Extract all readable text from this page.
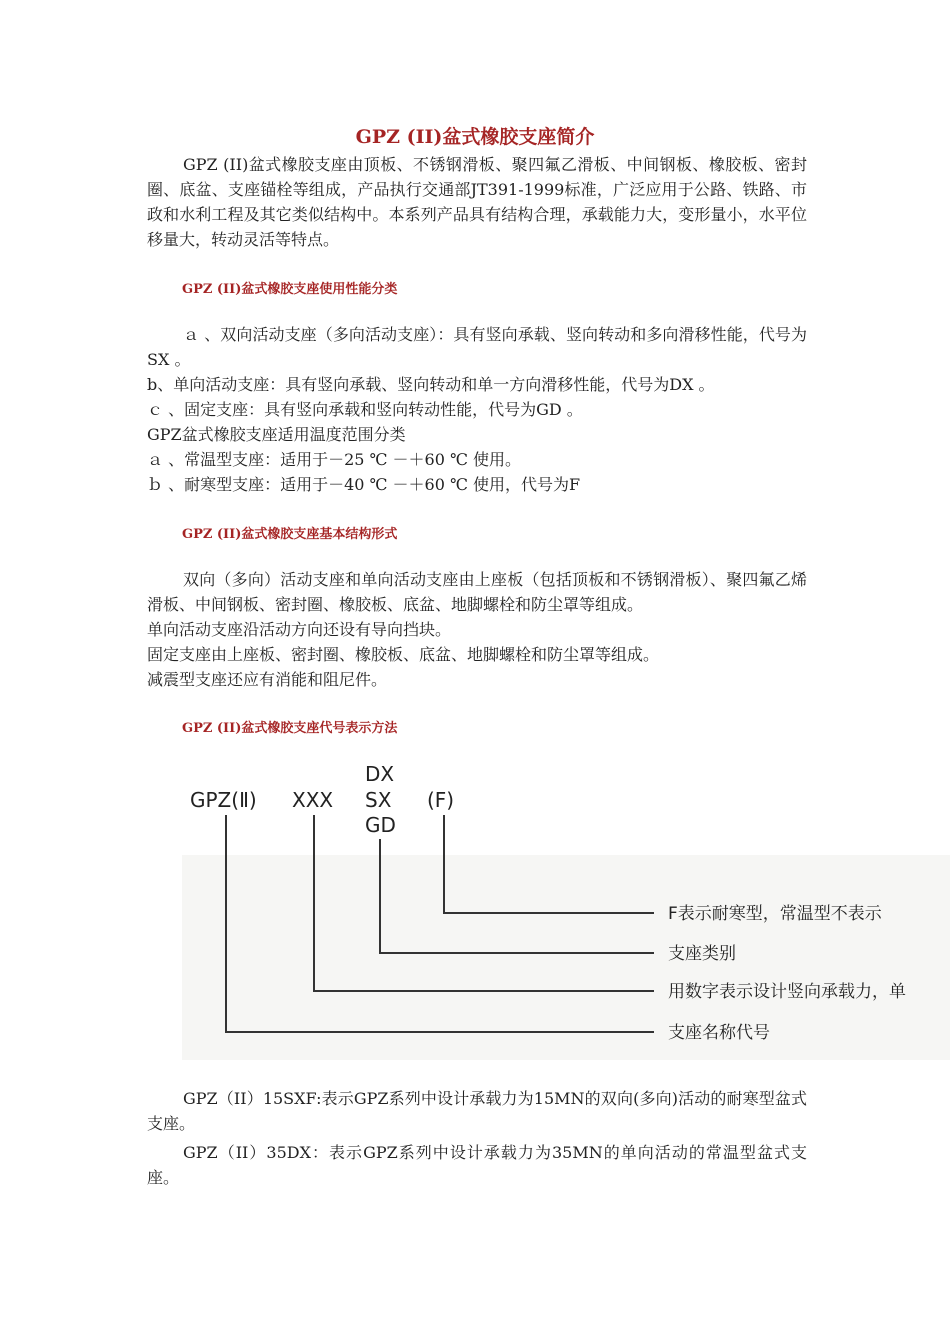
GPZ (II)盆式橡胶支座简介

GPZ (II)盆式橡胶支座由顶板、不锈钢滑板、聚四氟乙滑板、中间钢板、橡胶板、密封圈、底盆、支座锚栓等组成，产品执行交通部JT391-1999标准，广泛应用于公路、铁路、市政和水利工程及其它类似结构中。本系列产品具有结构合理，承载能力大，变形量小，水平位移量大，转动灵活等特点。

GPZ (II)盆式橡胶支座使用性能分类

ａ 、双向活动支座（多向活动支座）：具有竖向承载、竖向转动和多向滑移性能，代号为SX 。

b、单向活动支座：具有竖向承载、竖向转动和单一方向滑移性能，代号为DX 。
ｃ 、固定支座：具有竖向承载和竖向转动性能，代号为GD 。
GPZ盆式橡胶支座适用温度范围分类
ａ 、常温型支座：适用于－25 ℃ －＋60 ℃ 使用。
ｂ 、耐寒型支座：适用于－40 ℃ －＋60 ℃ 使用，代号为F

GPZ (II)盆式橡胶支座基本结构形式

双向（多向）活动支座和单向活动支座由上座板（包括顶板和不锈钢滑板）、聚四氟乙烯滑板、中间钢板、密封圈、橡胶板、底盆、地脚螺栓和防尘罩等组成。

单向活动支座沿活动方向还设有导向挡块。
固定支座由上座板、密封圈、橡胶板、底盆、地脚螺栓和防尘罩等组成。
减震型支座还应有消能和阻尼件。

GPZ (II)盆式橡胶支座代号表示方法

GPZ(Ⅱ) XXX
DX
SX
GD
(F)
F表示耐寒型，常温型不表示
支座类别
用数字表示设计竖向承载力，单
支座名称代号

GPZ（II）15SXF:表示GPZ系列中设计承载力为15MN的双向(多向)活动的耐寒型盆式支座。

GPZ（II）35DX：表示GPZ系列中设计承载力为35MN的单向活动的常温型盆式支座。
